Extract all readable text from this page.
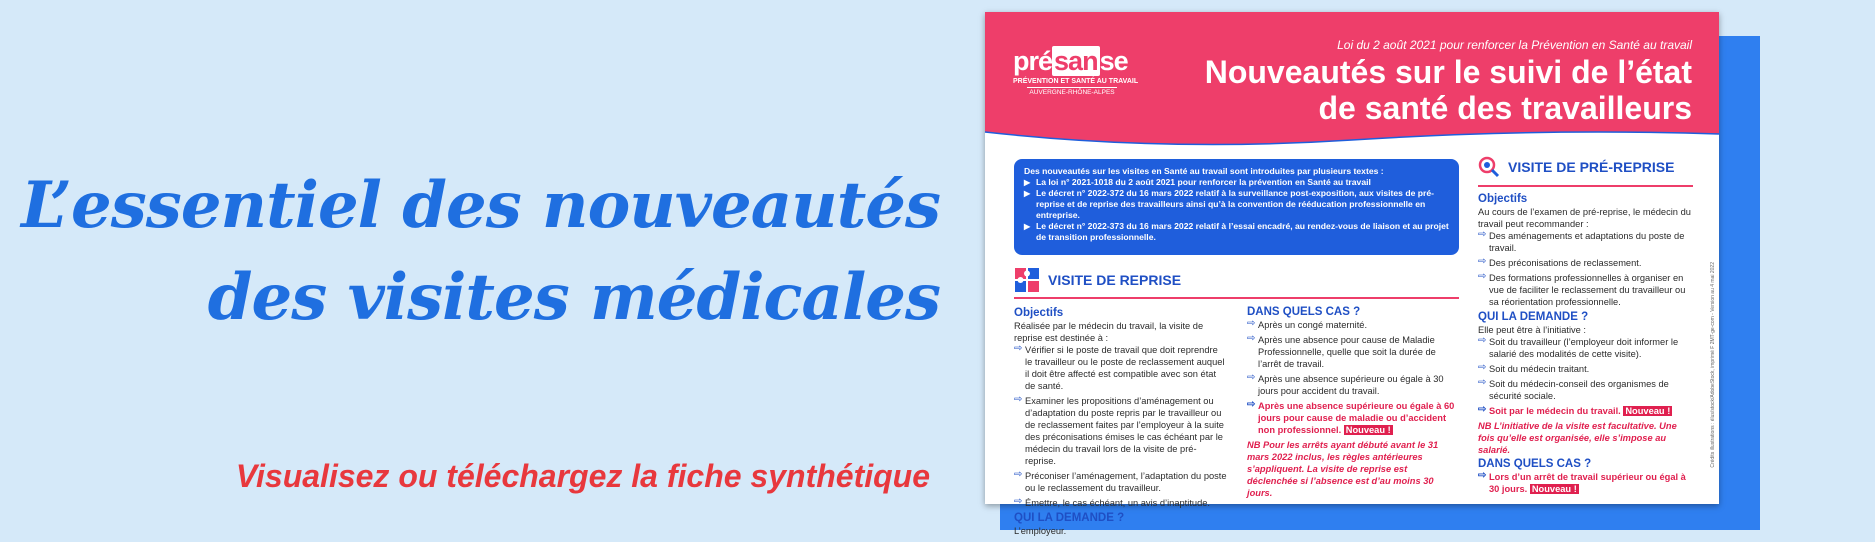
L’essentiel des nouveautés
des visites médicales
Visualisez ou téléchargez la fiche synthétique
présanse
PRÉVENTION ET SANTÉ AU TRAVAIL
AUVERGNE-RHÔNE-ALPES
Loi du 2 août 2021 pour renforcer la Prévention en Santé au travail
Nouveautés sur le suivi de l’état
de santé des travailleurs
Des nouveautés sur les visites en Santé au travail sont introduites par plusieurs textes :
▶ La loi n° 2021-1018 du 2 août 2021 pour renforcer la prévention en Santé au travail
▶ Le décret n° 2022-372 du 16 mars 2022 relatif à la surveillance post-exposition, aux visites de pré-reprise et de reprise des travailleurs ainsi qu’à la convention de rééducation professionnelle en entreprise.
▶ Le décret n° 2022-373 du 16 mars 2022 relatif à l’essai encadré, au rendez-vous de liaison et au projet de transition professionnelle.
VISITE DE REPRISE
Objectifs
Réalisée par le médecin du travail, la visite de reprise est destinée à :
⇨ Vérifier si le poste de travail que doit reprendre le travailleur ou le poste de reclassement auquel il doit être affecté est compatible avec son état de santé.
⇨ Examiner les propositions d’aménagement ou d’adaptation du poste repris par le travailleur ou de reclassement faites par l’employeur à la suite des préconisations émises le cas échéant par le médecin du travail lors de la visite de pré-reprise.
⇨ Préconiser l’aménagement, l’adaptation du poste ou le reclassement du travailleur.
⇨ Émettre, le cas échéant, un avis d’inaptitude.
QUI LA DEMANDE ?
L’employeur.
DANS QUELS CAS ?
⇨ Après un congé maternité.
⇨ Après une absence pour cause de Maladie Professionnelle, quelle que soit la durée de l’arrêt de travail.
⇨ Après une absence supérieure ou égale à 30 jours pour accident du travail.
⇨ Après une absence supérieure ou égale à 60 jours pour cause de maladie ou d’accident non professionnel. Nouveau !
NB Pour les arrêts ayant débuté avant le 31 mars 2022 inclus, les règles antérieures s’appliquent. La visite de reprise est déclenchée si l’absence est d’au moins 30 jours.
VISITE DE PRÉ-REPRISE
Objectifs
Au cours de l’examen de pré-reprise, le médecin du travail peut recommander :
⇨ Des aménagements et adaptations du poste de travail.
⇨ Des préconisations de reclassement.
⇨ Des formations professionnelles à organiser en vue de faciliter le reclassement du travailleur ou sa réorientation professionnelle.
QUI LA DEMANDE ?
Elle peut être à l’initiative :
⇨ Soit du travailleur (l’employeur doit informer le salarié des modalités de cette visite).
⇨ Soit du médecin traitant.
⇨ Soit du médecin-conseil des organismes de sécurité sociale.
⇨ Soit par le médecin du travail. Nouveau !
NB L’initiative de la visite est facultative. Une fois qu’elle est organisée, elle s’impose au salarié.
DANS QUELS CAS ?
⇨ Lors d’un arrêt de travail supérieur ou égal à 30 jours. Nouveau !
Crédits illustrations : élus/stock/AdobeStock, imprimé F 2MT-ge-com - Version au 4 mai 2022
